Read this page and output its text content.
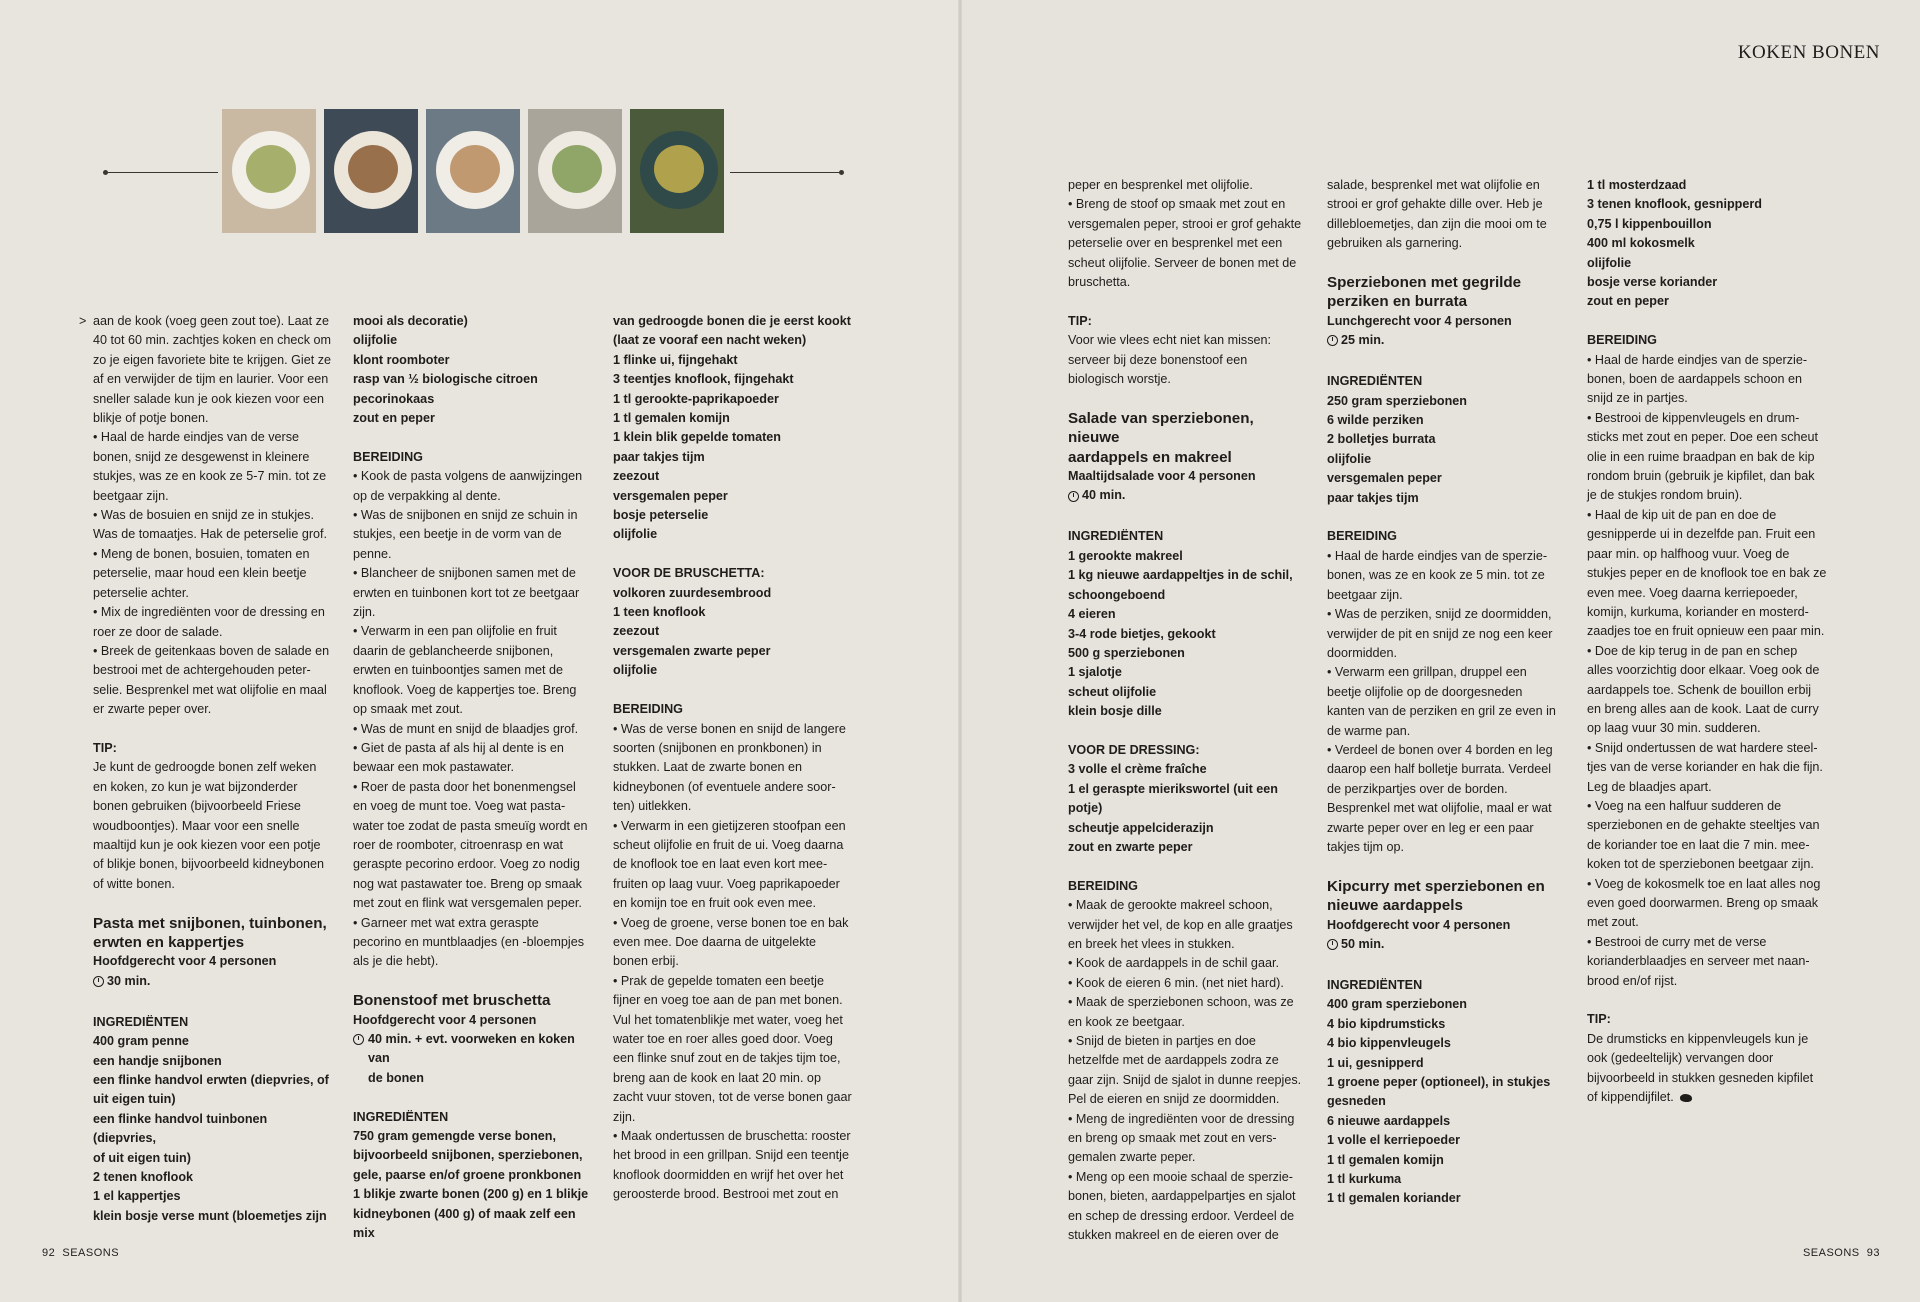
KOKEN BONEN
> aan de kook (voeg geen zout toe). Laat ze

40 tot 60 min. zachtjes koken en check om

zo je eigen favoriete bite te krijgen. Giet ze

af en verwijder de tijm en laurier. Voor een

sneller salade kun je ook kiezen voor een

blikje of potje bonen.

• Haal de harde eindjes van de verse

bonen, snijd ze desgewenst in kleinere

stukjes, was ze en kook ze 5-7 min. tot ze

beetgaar zijn.

• Was de bosuien en snijd ze in stukjes.

Was de tomaatjes. Hak de peterselie grof.

• Meng de bonen, bosuien, tomaten en

peterselie, maar houd een klein beetje

peterselie achter.

• Mix de ingrediënten voor de dressing en

roer ze door de salade.

• Breek de geitenkaas boven de salade en

bestrooi met de achtergehouden peter-

selie. Besprenkel met wat olijfolie en maal

er zwarte peper over.

TIP:

Je kunt de gedroogde bonen zelf weken

en koken, zo kun je wat bijzonderder

bonen gebruiken (bijvoorbeeld Friese

woudboontjes). Maar voor een snelle

maaltijd kun je ook kiezen voor een potje

of blikje bonen, bijvoorbeeld kidneybonen

of witte bonen.

Pasta met snijbonen, tuinbonen,

erwten en kappertjes

Hoofdgerecht voor 4 personen

30 min.

INGREDIËNTEN

400 gram penne

een handje snijbonen

een flinke handvol erwten (diepvries, of

uit eigen tuin)

een flinke handvol tuinbonen (diepvries,

of uit eigen tuin)

2 tenen knoflook

1 el kappertjes

klein bosje verse munt (bloemetjes zijn

mooi als decoratie)

olijfolie

klont roomboter

rasp van ½ biologische citroen

pecorinokaas

zout en peper

BEREIDING

• Kook de pasta volgens de aanwijzingen

op de verpakking al dente.

• Was de snijbonen en snijd ze schuin in

stukjes, een beetje in de vorm van de

penne.

• Blancheer de snijbonen samen met de

erwten en tuinbonen kort tot ze beetgaar

zijn.

• Verwarm in een pan olijfolie en fruit

daarin de geblancheerde snijbonen,

erwten en tuinboontjes samen met de

knoflook. Voeg de kappertjes toe. Breng

op smaak met zout.

• Was de munt en snijd de blaadjes grof.

• Giet de pasta af als hij al dente is en

bewaar een mok pastawater.

• Roer de pasta door het bonenmengsel

en voeg de munt toe. Voeg wat pasta-

water toe zodat de pasta smeuïg wordt en

roer de roomboter, citroenrasp en wat

geraspte pecorino erdoor. Voeg zo nodig

nog wat pastawater toe. Breng op smaak

met zout en flink wat versgemalen peper.

• Garneer met wat extra geraspte

pecorino en muntblaadjes (en -bloempjes

als je die hebt).

Bonenstoof met bruschetta

Hoofdgerecht voor 4 personen

40 min. + evt. voorweken en koken van

de bonen

INGREDIËNTEN

750 gram gemengde verse bonen,

bijvoorbeeld snijbonen, sperziebonen,

gele, paarse en/of groene pronkbonen

1 blikje zwarte bonen (200 g) en 1 blikje

kidneybonen (400 g) of maak zelf een mix

van gedroogde bonen die je eerst kookt

(laat ze vooraf een nacht weken)

1 flinke ui, fijngehakt

3 teentjes knoflook, fijngehakt

1 tl gerookte-paprikapoeder

1 tl gemalen komijn

1 klein blik gepelde tomaten

paar takjes tijm

zeezout

versgemalen peper

bosje peterselie

olijfolie

VOOR DE BRUSCHETTA:

volkoren zuurdesembrood

1 teen knoflook

zeezout

versgemalen zwarte peper

olijfolie

BEREIDING

• Was de verse bonen en snijd de langere

soorten (snijbonen en pronkbonen) in

stukken. Laat de zwarte bonen en

kidneybonen (of eventuele andere soor-

ten) uitlekken.

• Verwarm in een gietijzeren stoofpan een

scheut olijfolie en fruit de ui. Voeg daarna

de knoflook toe en laat even kort mee-

fruiten op laag vuur. Voeg paprikapoeder

en komijn toe en fruit ook even mee.

• Voeg de groene, verse bonen toe en bak

even mee. Doe daarna de uitgelekte

bonen erbij.

• Prak de gepelde tomaten een beetje

fijner en voeg toe aan de pan met bonen.

Vul het tomatenblikje met water, voeg het

water toe en roer alles goed door. Voeg

een flinke snuf zout en de takjes tijm toe,

breng aan de kook en laat 20 min. op

zacht vuur stoven, tot de verse bonen gaar

zijn.

• Maak ondertussen de bruschetta: rooster

het brood in een grillpan. Snijd een teentje

knoflook doormidden en wrijf het over het

geroosterde brood. Bestrooi met zout en

peper en besprenkel met olijfolie.

• Breng de stoof op smaak met zout en

versgemalen peper, strooi er grof gehakte

peterselie over en besprenkel met een

scheut olijfolie. Serveer de bonen met de

bruschetta.

TIP:

Voor wie vlees echt niet kan missen:

serveer bij deze bonenstoof een

biologisch worstje.

Salade van sperziebonen, nieuwe

aardappels en makreel

Maaltijdsalade voor 4 personen

40 min.

INGREDIËNTEN

1 gerookte makreel

1 kg nieuwe aardappeltjes in de schil,

schoongeboend

4 eieren

3-4 rode bietjes, gekookt

500 g sperziebonen

1 sjalotje

scheut olijfolie

klein bosje dille

VOOR DE DRESSING:

3 volle el crème fraîche

1 el geraspte mierikswortel (uit een potje)

scheutje appelciderazijn

zout en zwarte peper

BEREIDING

• Maak de gerookte makreel schoon,

verwijder het vel, de kop en alle graatjes

en breek het vlees in stukken.

• Kook de aardappels in de schil gaar.

• Kook de eieren 6 min. (net niet hard).

• Maak de sperziebonen schoon, was ze

en kook ze beetgaar.

• Snijd de bieten in partjes en doe

hetzelfde met de aardappels zodra ze

gaar zijn. Snijd de sjalot in dunne reepjes.

Pel de eieren en snijd ze doormidden.

• Meng de ingrediënten voor de dressing

en breng op smaak met zout en vers-

gemalen zwarte peper.

• Meng op een mooie schaal de sperzie-

bonen, bieten, aardappelpartjes en sjalot

en schep de dressing erdoor. Verdeel de

stukken makreel en de eieren over de

salade, besprenkel met wat olijfolie en

strooi er grof gehakte dille over. Heb je

dillebloemetjes, dan zijn die mooi om te

gebruiken als garnering.

Sperziebonen met gegrilde

perziken en burrata

Lunchgerecht voor 4 personen

25 min.

INGREDIËNTEN

250 gram sperziebonen

6 wilde perziken

2 bolletjes burrata

olijfolie

versgemalen peper

paar takjes tijm

BEREIDING

• Haal de harde eindjes van de sperzie-

bonen, was ze en kook ze 5 min. tot ze

beetgaar zijn.

• Was de perziken, snijd ze doormidden,

verwijder de pit en snijd ze nog een keer

doormidden.

• Verwarm een grillpan, druppel een

beetje olijfolie op de doorgesneden

kanten van de perziken en gril ze even in

de warme pan.

• Verdeel de bonen over 4 borden en leg

daarop een half bolletje burrata. Verdeel

de perzikpartjes over de borden.

Besprenkel met wat olijfolie, maal er wat

zwarte peper over en leg er een paar

takjes tijm op.

Kipcurry met sperziebonen en

nieuwe aardappels

Hoofdgerecht voor 4 personen

50 min.

INGREDIËNTEN

400 gram sperziebonen

4 bio kipdrumsticks

4 bio kippenvleugels

1 ui, gesnipperd

1 groene peper (optioneel), in stukjes

gesneden

6 nieuwe aardappels

1 volle el kerriepoeder

1 tl gemalen komijn

1 tl kurkuma

1 tl gemalen koriander

1 tl mosterdzaad

3 tenen knoflook, gesnipperd

0,75 l kippenbouillon

400 ml kokosmelk

olijfolie

bosje verse koriander

zout en peper

BEREIDING

• Haal de harde eindjes van de sperzie-

bonen, boen de aardappels schoon en

snijd ze in partjes.

• Bestrooi de kippenvleugels en drum-

sticks met zout en peper. Doe een scheut

olie in een ruime braadpan en bak de kip

rondom bruin (gebruik je kipfilet, dan bak

je de stukjes rondom bruin).

• Haal de kip uit de pan en doe de

gesnipperde ui in dezelfde pan. Fruit een

paar min. op halfhoog vuur. Voeg de

stukjes peper en de knoflook toe en bak ze

even mee. Voeg daarna kerriepoeder,

komijn, kurkuma, koriander en mosterd-

zaadjes toe en fruit opnieuw een paar min.

• Doe de kip terug in de pan en schep

alles voorzichtig door elkaar. Voeg ook de

aardappels toe. Schenk de bouillon erbij

en breng alles aan de kook. Laat de curry

op laag vuur 30 min. sudderen.

• Snijd ondertussen de wat hardere steel-

tjes van de verse koriander en hak die fijn.

Leg de blaadjes apart.

• Voeg na een halfuur sudderen de

sperziebonen en de gehakte steeltjes van

de koriander toe en laat die 7 min. mee-

koken tot de sperziebonen beetgaar zijn.

• Voeg de kokosmelk toe en laat alles nog

even goed doorwarmen. Breng op smaak

met zout.

• Bestrooi de curry met de verse

korianderblaadjes en serveer met naan-

brood en/of rijst.

TIP:

De drumsticks en kippenvleugels kun je

ook (gedeeltelijk) vervangen door

bijvoorbeeld in stukken gesneden kipfilet

of kippendijfilet.

92 SEASONS	SEASONS 93
